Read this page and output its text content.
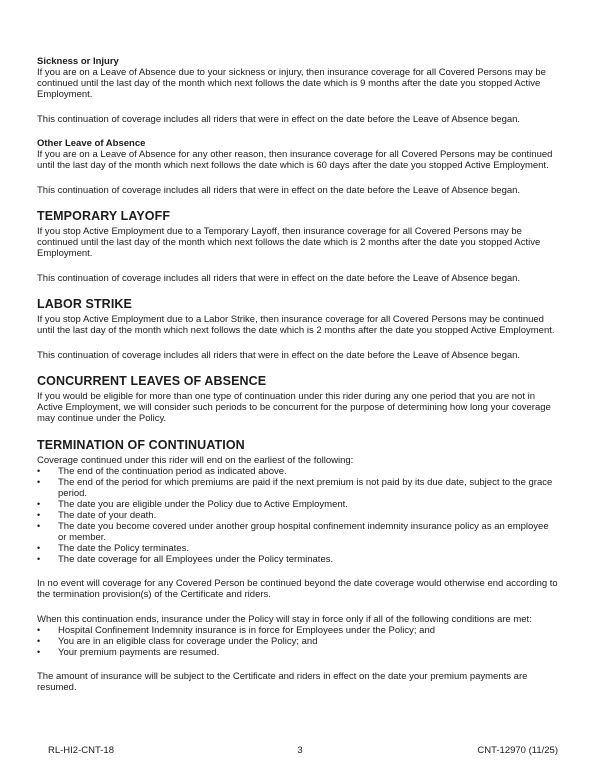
Sickness or Injury

If you are on a Leave of Absence due to your sickness or injury, then insurance coverage for all Covered Persons may be continued until the last day of the month which next follows the date which is 9 months after the date you stopped Active Employment.

This continuation of coverage includes all riders that were in effect on the date before the Leave of Absence began.

Other Leave of Absence

If you are on a Leave of Absence for any other reason, then insurance coverage for all Covered Persons may be continued until the last day of the month which next follows the date which is 60 days after the date you stopped Active Employment.

This continuation of coverage includes all riders that were in effect on the date before the Leave of Absence began.

TEMPORARY LAYOFF

If you stop Active Employment due to a Temporary Layoff, then insurance coverage for all Covered Persons may be continued until the last day of the month which next follows the date which is 2 months after the date you stopped Active Employment.

This continuation of coverage includes all riders that were in effect on the date before the Leave of Absence began.

LABOR STRIKE

If you stop Active Employment due to a Labor Strike, then insurance coverage for all Covered Persons may be continued until the last day of the month which next follows the date which is 2 months after the date you stopped Active Employment.

This continuation of coverage includes all riders that were in effect on the date before the Leave of Absence began.

CONCURRENT LEAVES OF ABSENCE

If you would be eligible for more than one type of continuation under this rider during any one period that you are not in Active Employment, we will consider such periods to be concurrent for the purpose of determining how long your coverage may continue under the Policy.

TERMINATION OF CONTINUATION

Coverage continued under this rider will end on the earliest of the following:

•	The end of the continuation period as indicated above.
•	The end of the period for which premiums are paid if the next premium is not paid by its due date, subject to the grace period.
•	The date you are eligible under the Policy due to Active Employment.
•	The date of your death.
•	The date you become covered under another group hospital confinement indemnity insurance policy as an employee or member.
•	The date the Policy terminates.
•	The date coverage for all Employees under the Policy terminates.

In no event will coverage for any Covered Person be continued beyond the date coverage would otherwise end according to the termination provision(s) of the Certificate and riders.

When this continuation ends, insurance under the Policy will stay in force only if all of the following conditions are met:

•	Hospital Confinement Indemnity insurance is in force for Employees under the Policy; and
•	You are in an eligible class for coverage under the Policy; and
•	Your premium payments are resumed.

The amount of insurance will be subject to the Certificate and riders in effect on the date your premium payments are resumed.

RL-HI2-CNT-18	3	CNT-12970 (11/25)
